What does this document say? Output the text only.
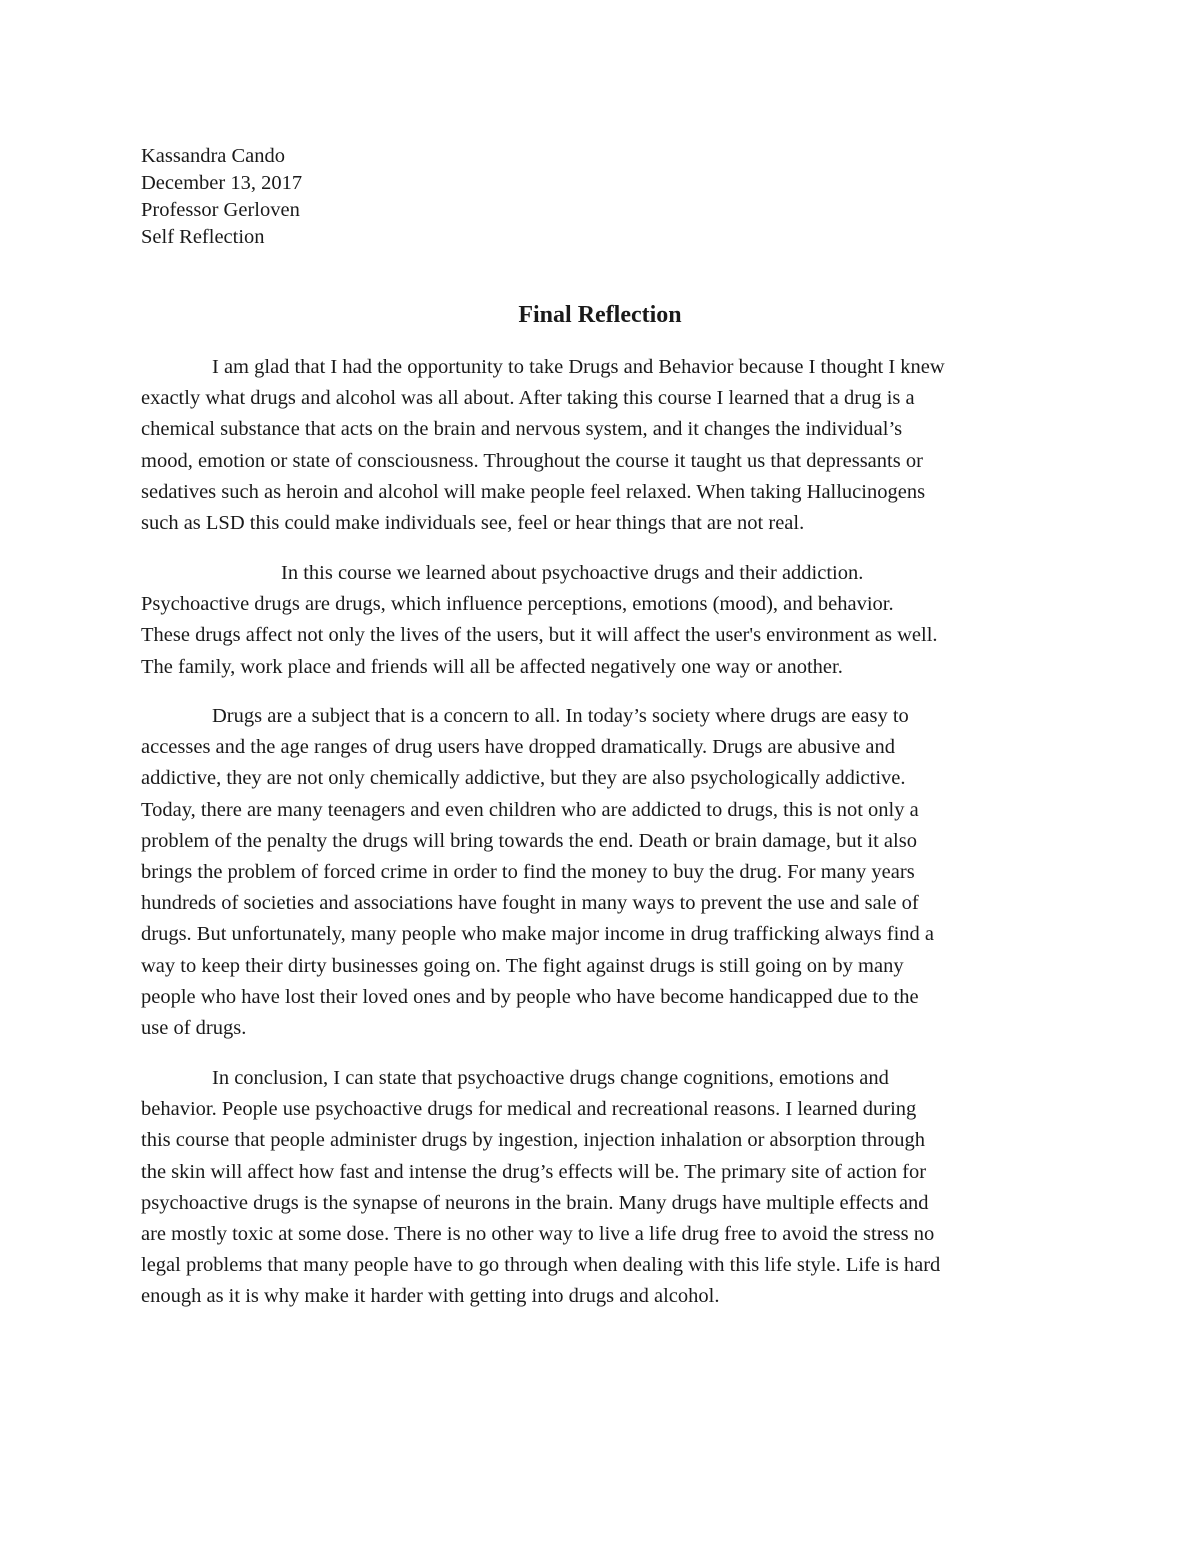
Kassandra Cando
December 13, 2017
Professor Gerloven
Self Reflection
Final Reflection
I am glad that I had the opportunity to take Drugs and Behavior because I thought I knew
exactly what drugs and alcohol was all about. After taking this course I learned that a drug is a
chemical substance that acts on the brain and nervous system, and it changes the individual’s
mood, emotion or state of consciousness. Throughout the course it taught us that depressants or
sedatives such as heroin and alcohol will make people feel relaxed. When taking Hallucinogens
such as LSD this could make individuals see, feel or hear things that are not real.
In this course we learned about psychoactive drugs and their addiction.
Psychoactive drugs are drugs, which influence perceptions, emotions (mood), and behavior.
These drugs affect not only the lives of the users, but it will affect the user's environment as well.
The family, work place and friends will all be affected negatively one way or another.
Drugs are a subject that is a concern to all. In today’s society where drugs are easy to
accesses and the age ranges of drug users have dropped dramatically. Drugs are abusive and
addictive, they are not only chemically addictive, but they are also psychologically addictive.
Today, there are many teenagers and even children who are addicted to drugs, this is not only a
problem of the penalty the drugs will bring towards the end. Death or brain damage, but it also
brings the problem of forced crime in order to find the money to buy the drug. For many years
hundreds of societies and associations have fought in many ways to prevent the use and sale of
drugs. But unfortunately, many people who make major income in drug trafficking always find a
way to keep their dirty businesses going on. The fight against drugs is still going on by many
people who have lost their loved ones and by people who have become handicapped due to the
use of drugs.
In conclusion, I can state that psychoactive drugs change cognitions, emotions and
behavior. People use psychoactive drugs for medical and recreational reasons. I learned during
this course that people administer drugs by ingestion, injection inhalation or absorption through
the skin will affect how fast and intense the drug’s effects will be. The primary site of action for
psychoactive drugs is the synapse of neurons in the brain. Many drugs have multiple effects and
are mostly toxic at some dose. There is no other way to live a life drug free to avoid the stress no
legal problems that many people have to go through when dealing with this life style. Life is hard
enough as it is why make it harder with getting into drugs and alcohol.
